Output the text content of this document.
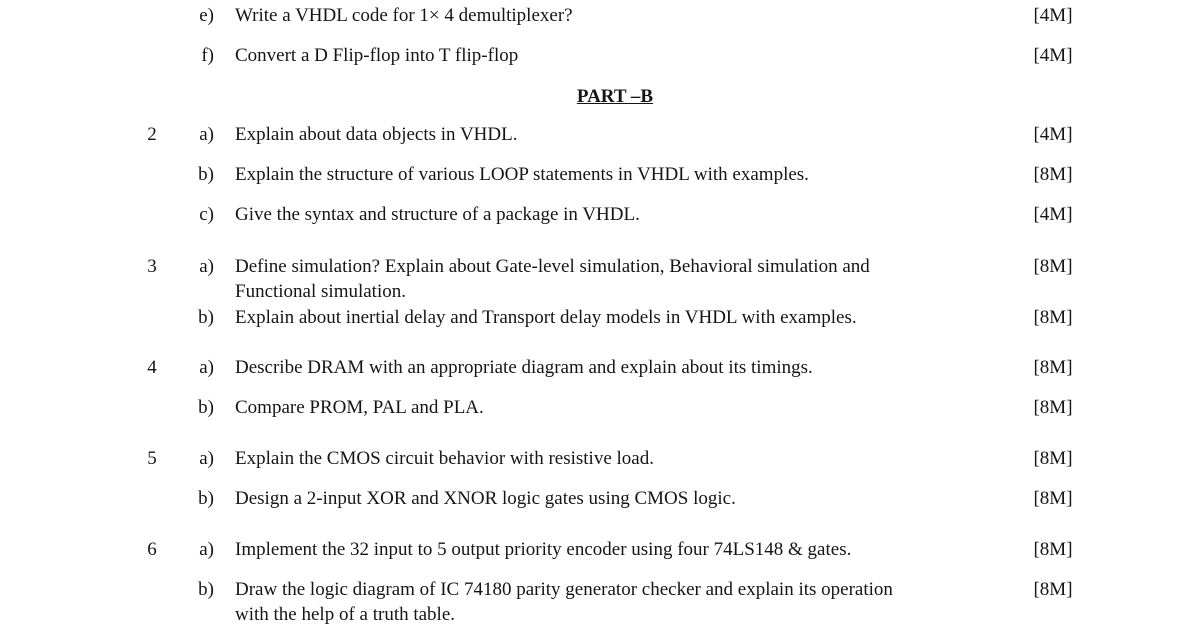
e) Write a VHDL code for 1× 4 demultiplexer?	[4M]
f) Convert a D Flip-flop into T flip-flop	[4M]
PART –B
2	a) Explain about data objects in VHDL.	[4M]
b) Explain the structure of various LOOP statements in VHDL with examples.	[8M]
c) Give the syntax and structure of a package in VHDL.	[4M]
3	a) Define simulation? Explain about Gate-level simulation, Behavioral simulation and	[8M]
Functional simulation.
b) Explain about inertial delay and Transport delay models in VHDL with examples.	[8M]
4	a) Describe DRAM with an appropriate diagram and explain about its timings.	[8M]
b) Compare PROM, PAL and PLA.	[8M]
5	a) Explain the CMOS circuit behavior with resistive load.	[8M]
b) Design a 2-input XOR and XNOR logic gates using CMOS logic.	[8M]
6	a) Implement the 32 input to 5 output priority encoder using four 74LS148 & gates.	[8M]
b) Draw the logic diagram of IC 74180 parity generator checker and explain its operation	[8M]
with the help of a truth table.
